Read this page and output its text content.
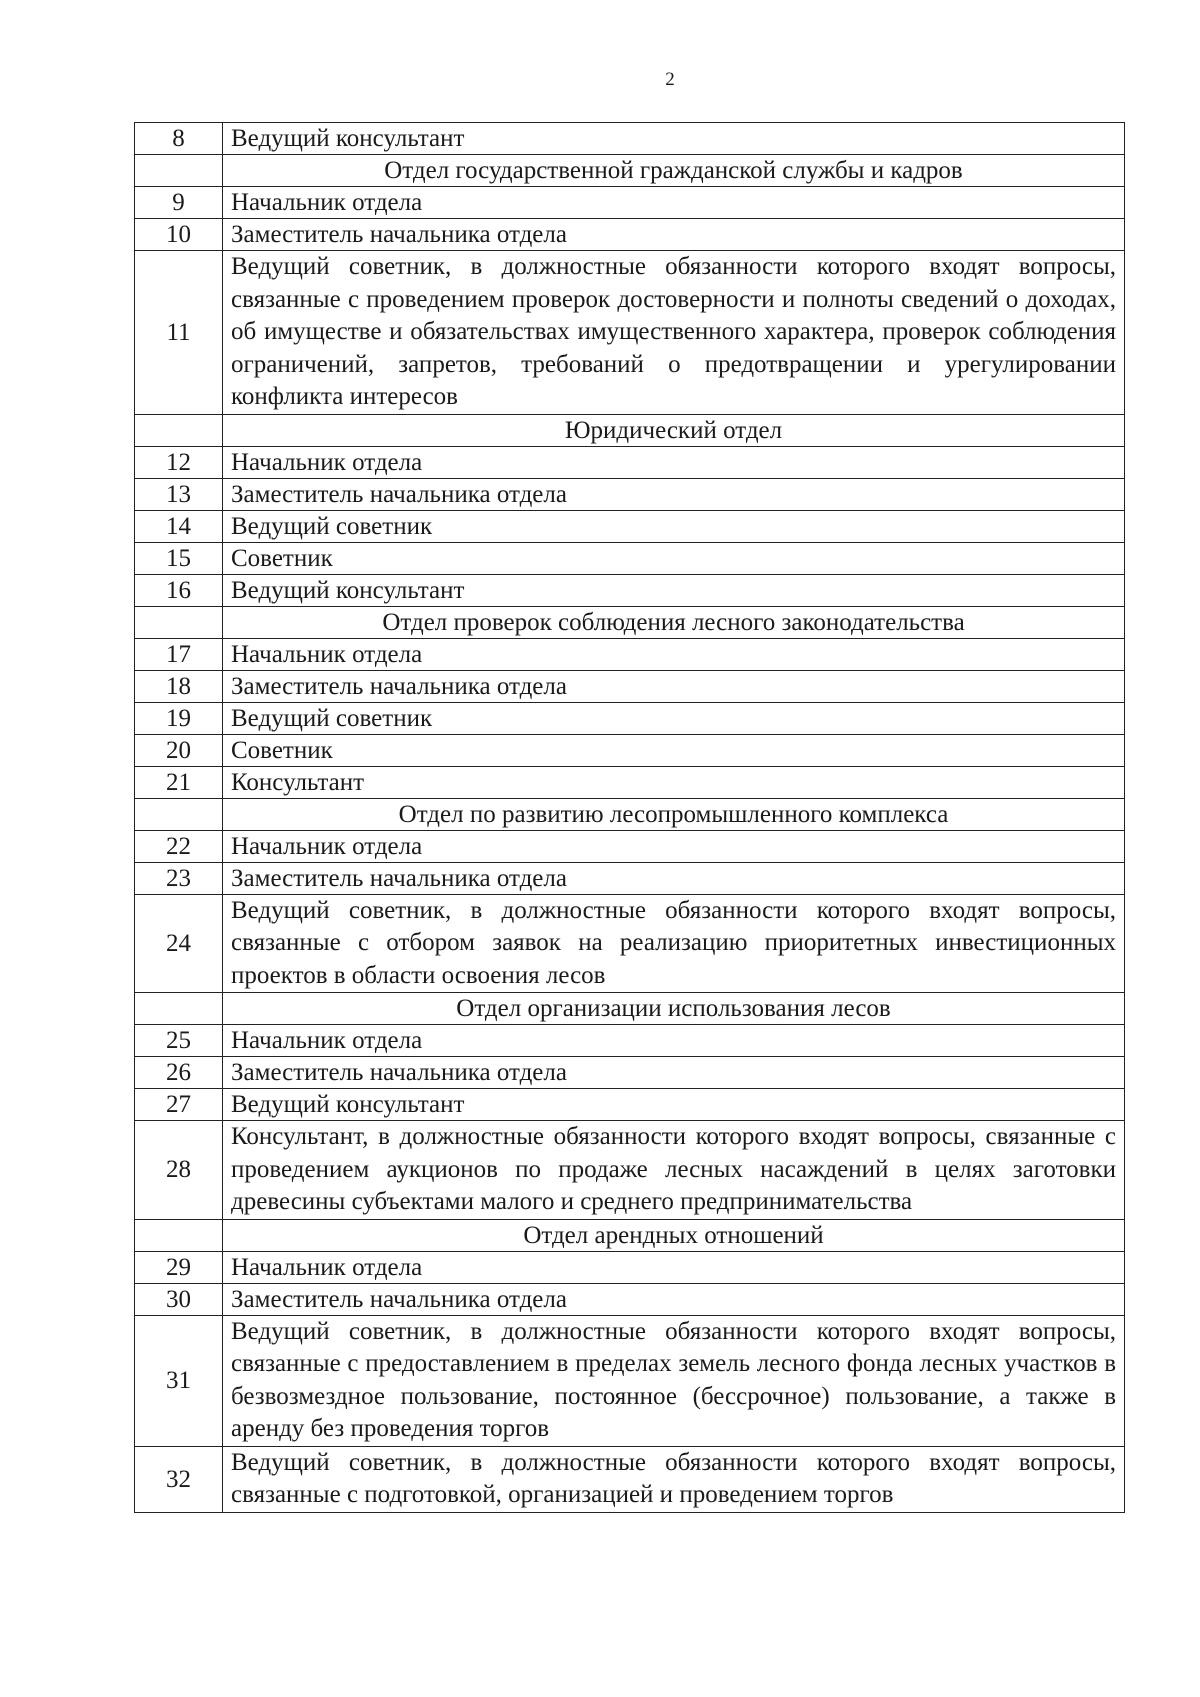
2
8	Ведущий консультант
	Отдел государственной гражданской службы и кадров
9	Начальник отдела
10	Заместитель начальника отдела
11	Ведущий советник, в должностные обязанности которого входят вопросы, связанные с проведением проверок достоверности и полноты сведений о доходах, об имуществе и обязательствах имущественного характера, проверок соблюдения ограничений, запретов, требований о предотвращении и урегулировании конфликта интересов
	Юридический отдел
12	Начальник отдела
13	Заместитель начальника отдела
14	Ведущий советник
15	Советник
16	Ведущий консультант
	Отдел проверок соблюдения лесного законодательства
17	Начальник отдела
18	Заместитель начальника отдела
19	Ведущий советник
20	Советник
21	Консультант
	Отдел по развитию лесопромышленного комплекса
22	Начальник отдела
23	Заместитель начальника отдела
24	Ведущий советник, в должностные обязанности которого входят вопросы, связанные с отбором заявок на реализацию приоритетных инвестиционных проектов в области освоения лесов
	Отдел организации использования лесов
25	Начальник отдела
26	Заместитель начальника отдела
27	Ведущий консультант
28	Консультант, в должностные обязанности которого входят вопросы, связанные с проведением аукционов по продаже лесных насаждений в целях заготовки древесины субъектами малого и среднего предпринимательства
	Отдел арендных отношений
29	Начальник отдела
30	Заместитель начальника отдела
31	Ведущий советник, в должностные обязанности которого входят вопросы, связанные с предоставлением в пределах земель лесного фонда лесных участков в безвозмездное пользование, постоянное (бессрочное) пользование, а также в аренду без проведения торгов
32	Ведущий советник, в должностные обязанности которого входят вопросы, связанные с подготовкой, организацией и проведением торгов
